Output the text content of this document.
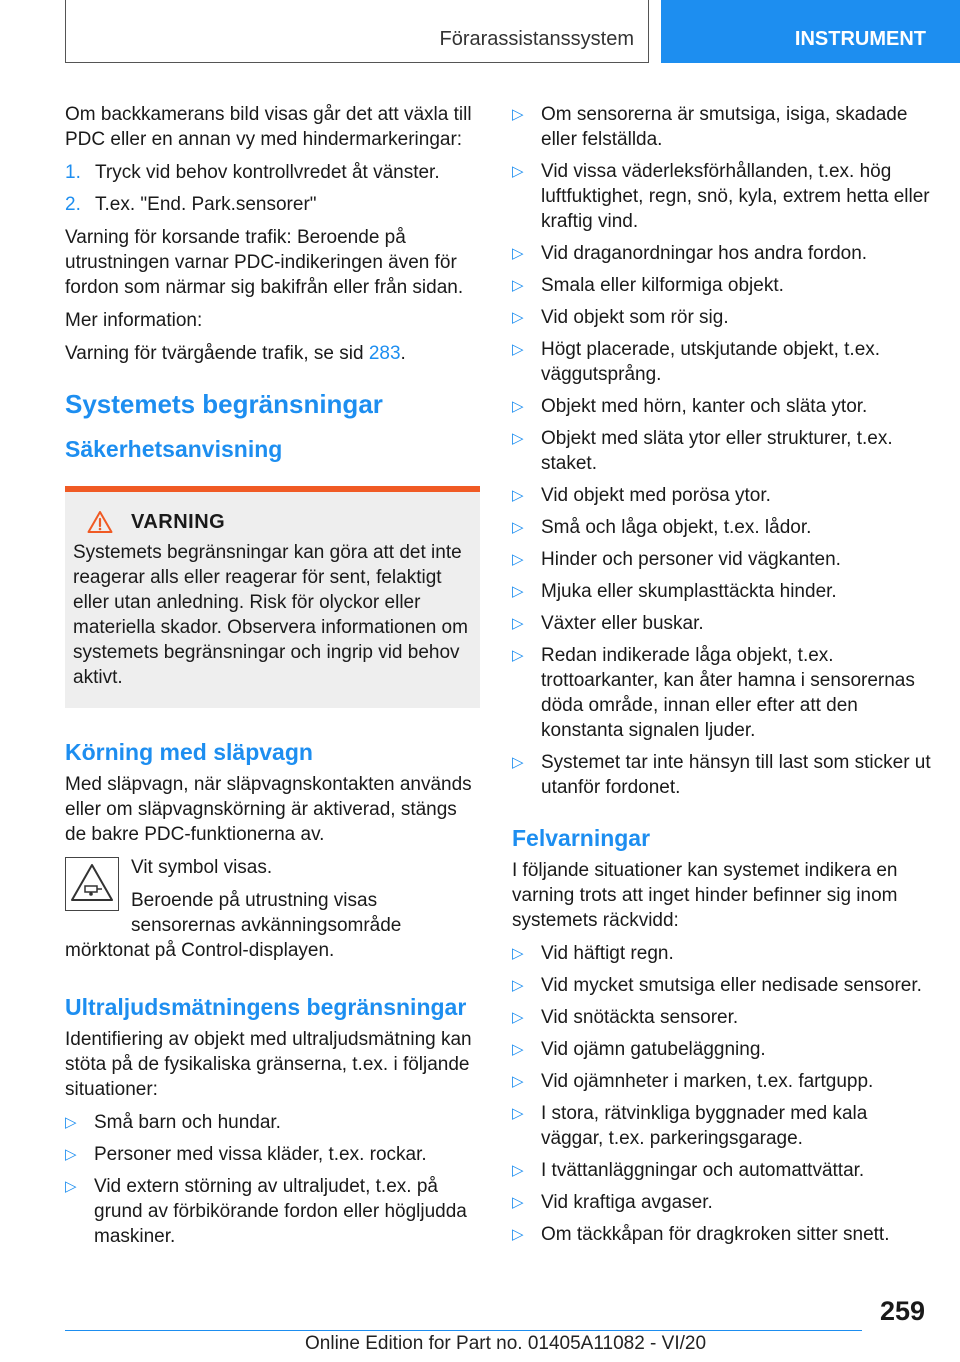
Förarassistanssystem	INSTRUMENT

Om backkamerans bild visas går det att växla till PDC eller en annan vy med hindermarkeringar:

1. Tryck vid behov kontrollvredet åt vänster.
2. T.ex. "End. Park.sensorer"

Varning för korsande trafik: Beroende på utrustningen varnar PDC-indikeringen även för fordon som närmar sig bakifrån eller från sidan.

Mer information:

Varning för tvärgående trafik, se sid 283.

Systemets begränsningar
Säkerhetsanvisning
VARNING

Systemets begränsningar kan göra att det inte reagerar alls eller reagerar för sent, felaktigt eller utan anledning. Risk för olyckor eller materiella skador. Observera informationen om systemets begränsningar och ingrip vid behov aktivt.

Körning med släpvagn

Med släpvagn, när släpvagnskontakten används eller om släpvagnskörning är aktiverad, stängs de bakre PDC-funktionerna av.

Vit symbol visas.

Beroende på utrustning visas sensorernas avkänningsområde mörktonat på Control-displayen.

Ultraljudsmätningens begränsningar

Identifiering av objekt med ultraljudsmätning kan stöta på de fysikaliska gränserna, t.ex. i följande situationer:

▷ Små barn och hundar.
▷ Personer med vissa kläder, t.ex. rockar.
▷ Vid extern störning av ultraljudet, t.ex. på grund av förbikörande fordon eller högljudda maskiner.
▷ Om sensorerna är smutsiga, isiga, skadade eller felställda.
▷ Vid vissa väderleksförhållanden, t.ex. hög luftfuktighet, regn, snö, kyla, extrem hetta eller kraftig vind.
▷ Vid draganordningar hos andra fordon.
▷ Smala eller kilformiga objekt.
▷ Vid objekt som rör sig.
▷ Högt placerade, utskjutande objekt, t.ex. väggutsprång.
▷ Objekt med hörn, kanter och släta ytor.
▷ Objekt med släta ytor eller strukturer, t.ex. staket.
▷ Vid objekt med porösa ytor.
▷ Små och låga objekt, t.ex. lådor.
▷ Hinder och personer vid vägkanten.
▷ Mjuka eller skumplasttäckta hinder.
▷ Växter eller buskar.
▷ Redan indikerade låga objekt, t.ex. trottoarkanter, kan åter hamna i sensorernas döda område, innan eller efter att den konstanta signalen ljuder.
▷ Systemet tar inte hänsyn till last som sticker ut utanför fordonet.
Felvarningar

I följande situationer kan systemet indikera en varning trots att inget hinder befinner sig inom systemets räckvidd:

▷ Vid häftigt regn.
▷ Vid mycket smutsiga eller nedisade sensorer.
▷ Vid snötäckta sensorer.
▷ Vid ojämn gatubeläggning.
▷ Vid ojämnheter i marken, t.ex. fartgupp.
▷ I stora, rätvinkliga byggnader med kala väggar, t.ex. parkeringsgarage.
▷ I tvättanläggningar och automattvättar.
▷ Vid kraftiga avgaser.
▷ Om täckkåpan för dragkroken sitter snett.
259
Online Edition for Part no. 01405A11082 - VI/20
